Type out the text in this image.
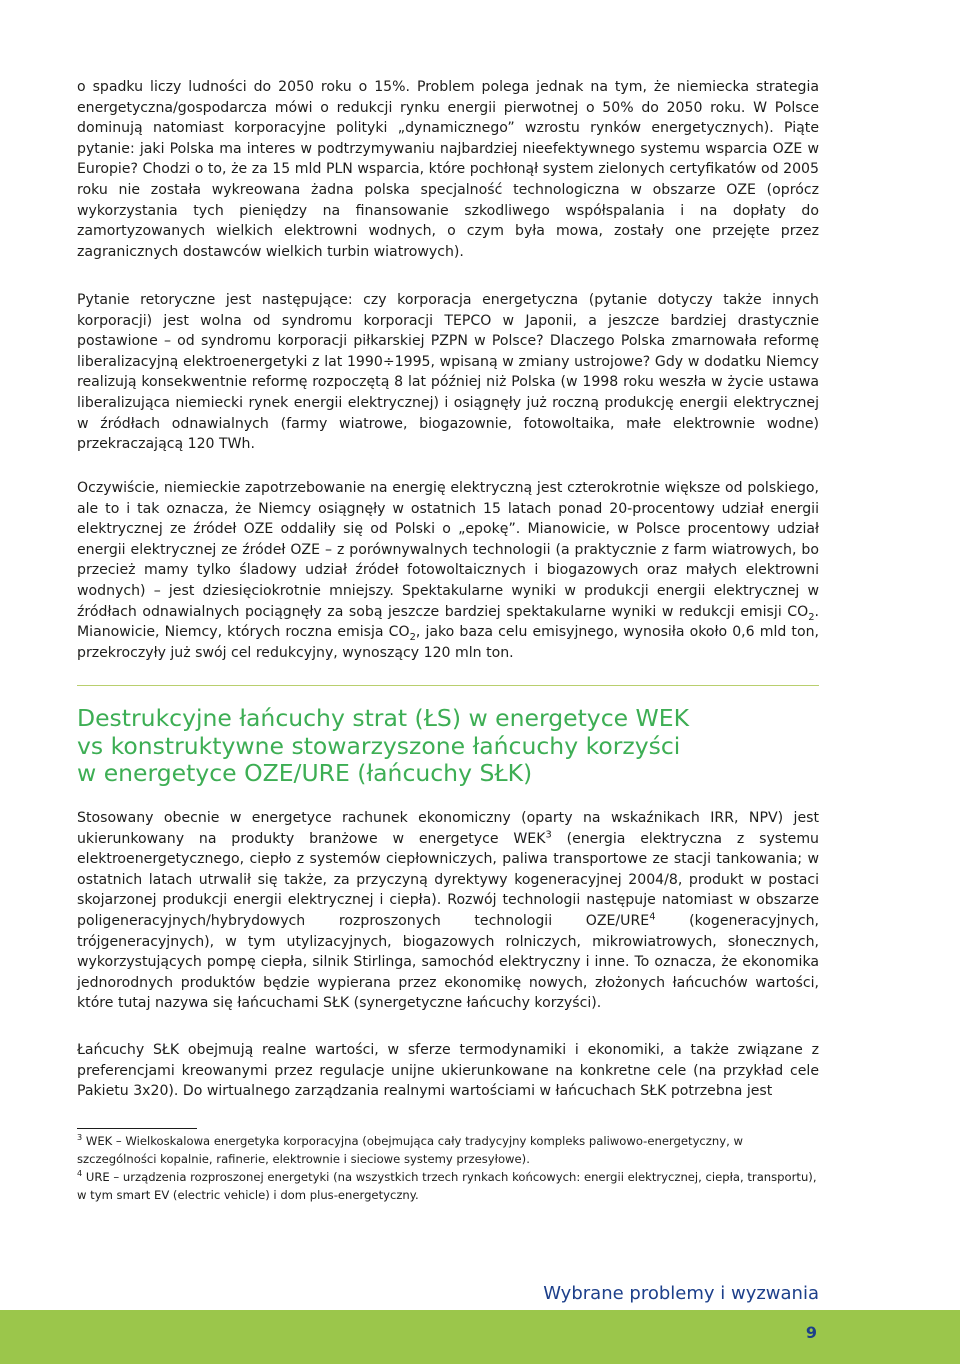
o spadku liczy ludności do 2050 roku o 15%. Problem polega jednak na tym, że niemiecka strategia energetyczna/gospodarcza mówi o redukcji rynku energii pierwotnej o 50% do 2050 roku. W Polsce dominują natomiast korporacyjne polityki „dynamicznego” wzrostu rynków energetycznych). Piąte pytanie: jaki Polska ma interes w podtrzymywaniu najbardziej nieefektywnego systemu wsparcia OZE w Europie? Chodzi o to, że za 15 mld PLN wsparcia, które pochłonął system zielonych certyfikatów od 2005 roku nie została wykreowana żadna polska specjalność technologiczna w obszarze OZE (oprócz wykorzystania tych pieniędzy na finansowanie szkodliwego współspalania i na dopłaty do zamortyzowanych wielkich elektrowni wodnych, o czym była mowa, zostały one przejęte przez zagranicznych dostawców wielkich turbin wiatrowych).

Pytanie retoryczne jest następujące: czy korporacja energetyczna (pytanie dotyczy także innych korporacji) jest wolna od syndromu korporacji TEPCO w Japonii, a jeszcze bardziej drastycznie postawione – od syndromu korporacji piłkarskiej PZPN w Polsce? Dlaczego Polska zmarnowała reformę liberalizacyjną elektroenergetyki z lat 1990÷1995, wpisaną w zmiany ustrojowe? Gdy w dodatku Niemcy realizują konsekwentnie reformę rozpoczętą 8 lat później niż Polska (w 1998 roku weszła w życie ustawa liberalizująca niemiecki rynek energii elektrycznej) i osiągnęły już roczną produkcję energii elektrycznej w źródłach odnawialnych (farmy wiatrowe, biogazownie, fotowoltaika, małe elektrownie wodne) przekraczającą 120 TWh.

Oczywiście, niemieckie zapotrzebowanie na energię elektryczną jest czterokrotnie większe od polskiego, ale to i tak oznacza, że Niemcy osiągnęły w ostatnich 15 latach ponad 20-procentowy udział energii elektrycznej ze źródeł OZE oddaliły się od Polski o „epokę”. Mianowicie, w Polsce procentowy udział energii elektrycznej ze źródeł OZE – z porównywalnych technologii (a praktycznie z farm wiatrowych, bo przecież mamy tylko śladowy udział źródeł fotowoltaicznych i biogazowych oraz małych elektrowni wodnych) – jest dziesięciokrotnie mniejszy. Spektakularne wyniki w produkcji energii elektrycznej w źródłach odnawialnych pociągnęły za sobą jeszcze bardziej spektakularne wyniki w redukcji emisji $CO_2$. Mianowicie, Niemcy, których roczna emisja $CO_2$, jako baza celu emisyjnego, wynosiła około 0,6 mld ton, przekroczyły już swój cel redukcyjny, wynoszący 120 mln ton.

Destrukcyjne łańcuchy strat (ŁS) w energetyce WEK
vs konstruktywne stowarzyszone łańcuchy korzyści
w energetyce OZE/URE (łańcuchy SŁK)

Stosowany obecnie w energetyce rachunek ekonomiczny (oparty na wskaźnikach IRR, NPV) jest ukierunkowany na produkty branżowe w energetyce WEK$^3$ (energia elektryczna z systemu elektroenergetycznego, ciepło z systemów ciepłowniczych, paliwa transportowe ze stacji tankowania; w ostatnich latach utrwalił się także, za przyczyną dyrektywy kogeneracyjnej 2004/8, produkt w postaci skojarzonej produkcji energii elektrycznej i ciepła). Rozwój technologii następuje natomiast w obszarze poligeneracyjnych/hybrydowych rozproszonych technologii OZE/URE$^4$ (kogeneracyjnych, trójgeneracyjnych), w tym utylizacyjnych, biogazowych rolniczych, mikrowiatrowych, słonecznych, wykorzystujących pompę ciepła, silnik Stirlinga, samochód elektryczny i inne. To oznacza, że ekonomika jednorodnych produktów będzie wypierana przez ekonomikę nowych, złożonych łańcuchów wartości, które tutaj nazywa się łańcuchami SŁK (synergetyczne łańcuchy korzyści).

Łańcuchy SŁK obejmują realne wartości, w sferze termodynamiki i ekonomiki, a także związane z preferencjami kreowanymi przez regulacje unijne ukierunkowane na konkretne cele (na przykład cele Pakietu 3x20). Do wirtualnego zarządzania realnymi wartościami w łańcuchach SŁK potrzebna jest

$^3$ WEK – Wielkoskalowa energetyka korporacyjna (obejmująca cały tradycyjny kompleks paliwowo-energetyczny, w szczególności kopalnie, rafinerie, elektrownie i sieciowe systemy przesyłowe).

$^4$ URE – urządzenia rozproszonej energetyki (na wszystkich trzech rynkach końcowych: energii elektrycznej, ciepła, transportu), w tym smart EV (electric vehicle) i dom plus-energetyczny.

Wybrane problemy i wyzwania

9
